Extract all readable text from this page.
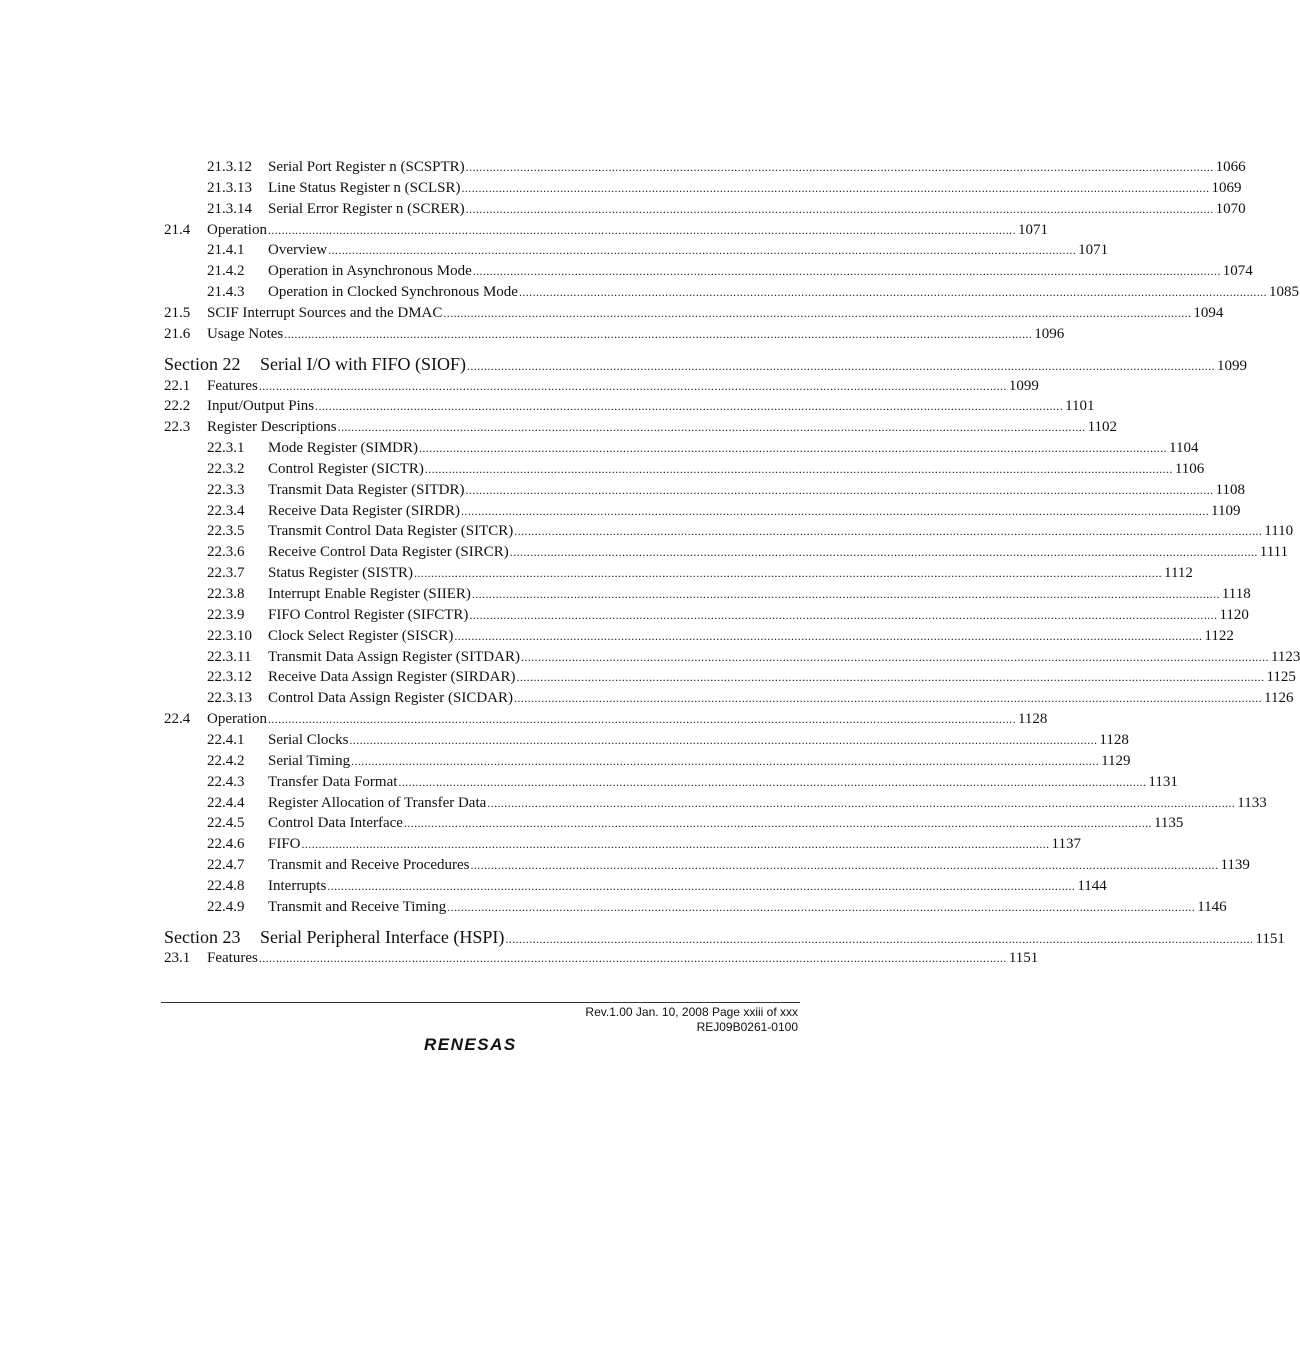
21.3.12	Serial Port Register n (SCSPTR) ............................................................................................................................................................................................................................ 1066
21.3.13	Line Status Register n (SCLSR) ............................................................................................................................................................................................................................ 1069
21.3.14	Serial Error Register n (SCRER) ............................................................................................................................................................................................................................ 1070
21.4	Operation ............................................................................................................................................................................................................................ 1071
21.4.1	Overview ............................................................................................................................................................................................................................ 1071
21.4.2	Operation in Asynchronous Mode ............................................................................................................................................................................................................................ 1074
21.4.3	Operation in Clocked Synchronous Mode ............................................................................................................................................................................................................................ 1085
21.5	SCIF Interrupt Sources and the DMAC ............................................................................................................................................................................................................................ 1094
21.6	Usage Notes ............................................................................................................................................................................................................................ 1096
Section 22	Serial I/O with FIFO (SIOF) ............................................................................................................................................................................................................................ 1099
22.1	Features ............................................................................................................................................................................................................................ 1099
22.2	Input/Output Pins ............................................................................................................................................................................................................................ 1101
22.3	Register Descriptions ............................................................................................................................................................................................................................ 1102
22.3.1	Mode Register (SIMDR) ............................................................................................................................................................................................................................ 1104
22.3.2	Control Register (SICTR) ............................................................................................................................................................................................................................ 1106
22.3.3	Transmit Data Register (SITDR) ............................................................................................................................................................................................................................ 1108
22.3.4	Receive Data Register (SIRDR) ............................................................................................................................................................................................................................ 1109
22.3.5	Transmit Control Data Register (SITCR) ............................................................................................................................................................................................................................ 1110
22.3.6	Receive Control Data Register (SIRCR) ............................................................................................................................................................................................................................ 1111
22.3.7	Status Register (SISTR) ............................................................................................................................................................................................................................ 1112
22.3.8	Interrupt Enable Register (SIIER) ............................................................................................................................................................................................................................ 1118
22.3.9	FIFO Control Register (SIFCTR) ............................................................................................................................................................................................................................ 1120
22.3.10	Clock Select Register (SISCR) ............................................................................................................................................................................................................................ 1122
22.3.11	Transmit Data Assign Register (SITDAR) ............................................................................................................................................................................................................................ 1123
22.3.12	Receive Data Assign Register (SIRDAR) ............................................................................................................................................................................................................................ 1125
22.3.13	Control Data Assign Register (SICDAR) ............................................................................................................................................................................................................................ 1126
22.4	Operation ............................................................................................................................................................................................................................ 1128
22.4.1	Serial Clocks ............................................................................................................................................................................................................................ 1128
22.4.2	Serial Timing ............................................................................................................................................................................................................................ 1129
22.4.3	Transfer Data Format ............................................................................................................................................................................................................................ 1131
22.4.4	Register Allocation of Transfer Data ............................................................................................................................................................................................................................ 1133
22.4.5	Control Data Interface ............................................................................................................................................................................................................................ 1135
22.4.6	FIFO ............................................................................................................................................................................................................................ 1137
22.4.7	Transmit and Receive Procedures ............................................................................................................................................................................................................................ 1139
22.4.8	Interrupts ............................................................................................................................................................................................................................ 1144
22.4.9	Transmit and Receive Timing ............................................................................................................................................................................................................................ 1146
Section 23	Serial Peripheral Interface (HSPI) ............................................................................................................................................................................................................................ 1151
23.1	Features ............................................................................................................................................................................................................................ 1151
Rev.1.00 Jan. 10, 2008 Page xxiii of xxx
REJ09B0261-0100
RENESAS
